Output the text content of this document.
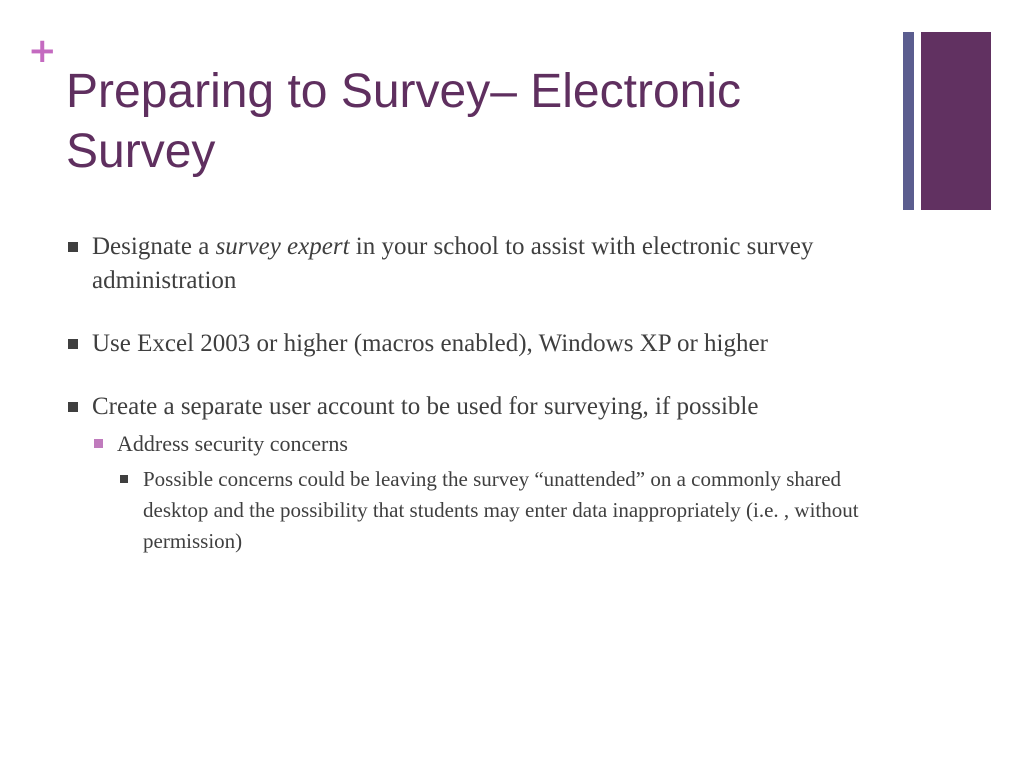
+
Preparing to Survey– Electronic Survey
Designate a survey expert in your school to assist with electronic survey administration
Use Excel 2003 or higher (macros enabled), Windows XP or higher
Create a separate user account to be used for surveying, if possible
Address security concerns
Possible concerns could be leaving the survey “unattended” on a commonly shared desktop and the possibility that students may enter data inappropriately (i.e. , without permission)
